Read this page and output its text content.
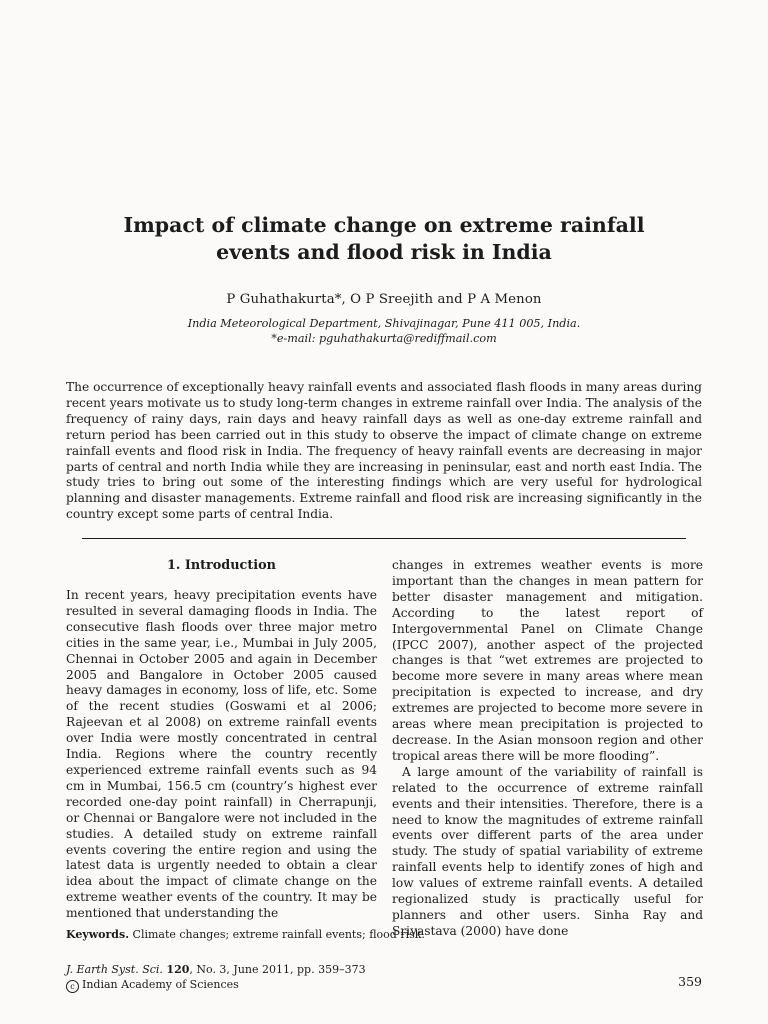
Impact of climate change on extreme rainfall
events and flood risk in India
P Guhathakurta*, O P Sreejith and P A Menon
India Meteorological Department, Shivajinagar, Pune 411 005, India.
*e-mail: pguhathakurta@rediffmail.com

The occurrence of exceptionally heavy rainfall events and associated flash floods in many areas during recent years motivate us to study long-term changes in extreme rainfall over India. The analysis of the frequency of rainy days, rain days and heavy rainfall days as well as one-day extreme rainfall and return period has been carried out in this study to observe the impact of climate change on extreme rainfall events and flood risk in India. The frequency of heavy rainfall events are decreasing in major parts of central and north India while they are increasing in peninsular, east and north east India. The study tries to bring out some of the interesting findings which are very useful for hydrological planning and disaster managements. Extreme rainfall and flood risk are increasing significantly in the country except some parts of central India.

1. Introduction

In recent years, heavy precipitation events have resulted in several damaging floods in India. The consecutive flash floods over three major metro cities in the same year, i.e., Mumbai in July 2005, Chennai in October 2005 and again in December 2005 and Bangalore in October 2005 caused heavy damages in economy, loss of life, etc. Some of the recent studies (Goswami et al 2006; Rajeevan et al 2008) on extreme rainfall events over India were mostly concentrated in central India. Regions where the country recently experienced extreme rainfall events such as 94 cm in Mumbai, 156.5 cm (country’s highest ever recorded one-day point rainfall) in Cherrapunji, or Chennai or Bangalore were not included in the studies. A detailed study on extreme rainfall events covering the entire region and using the latest data is urgently needed to obtain a clear idea about the impact of climate change on the extreme weather events of the country. It may be mentioned that understanding the

changes in extremes weather events is more important than the changes in mean pattern for better disaster management and mitigation. According to the latest report of Intergovernmental Panel on Climate Change (IPCC 2007), another aspect of the projected changes is that “wet extremes are projected to become more severe in many areas where mean precipitation is expected to increase, and dry extremes are projected to become more severe in areas where mean precipitation is projected to decrease. In the Asian monsoon region and other tropical areas there will be more flooding”.

A large amount of the variability of rainfall is related to the occurrence of extreme rainfall events and their intensities. Therefore, there is a need to know the magnitudes of extreme rainfall events over different parts of the area under study. The study of spatial variability of extreme rainfall events help to identify zones of high and low values of extreme rainfall events. A detailed regionalized study is practically useful for planners and other users. Sinha Ray and Srivastava (2000) have done

Keywords. Climate changes; extreme rainfall events; flood risk.
J. Earth Syst. Sci. 120, No. 3, June 2011, pp. 359–373
c Indian Academy of Sciences	359
